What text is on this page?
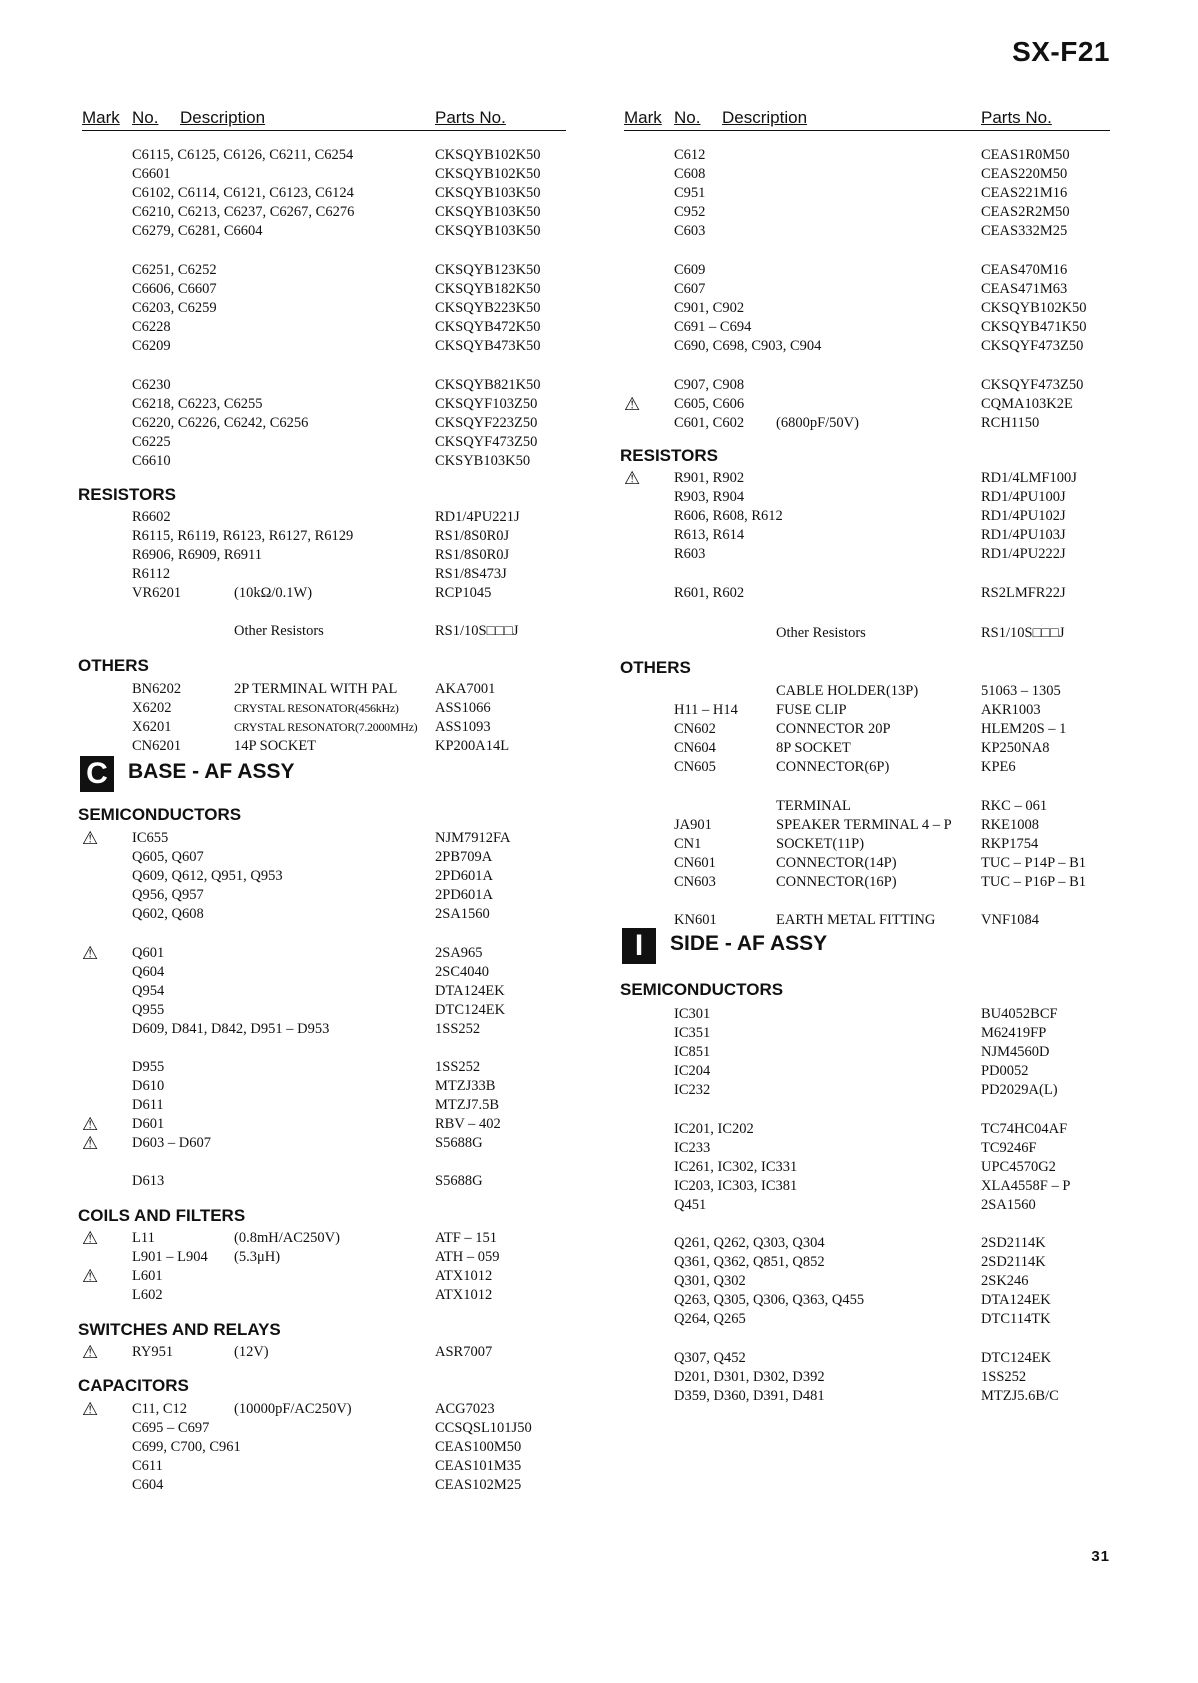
SX-F21
Mark No. Description	Parts No.
C6115, C6125, C6126, C6211, C6254	CKSQYB102K50
C6601	CKSQYB102K50
C6102, C6114, C6121, C6123, C6124	CKSQYB103K50
C6210, C6213, C6237, C6267, C6276	CKSQYB103K50
C6279, C6281, C6604	CKSQYB103K50
C6251, C6252	CKSQYB123K50
C6606, C6607	CKSQYB182K50
C6203, C6259	CKSQYB223K50
C6228	CKSQYB472K50
C6209	CKSQYB473K50
C6230	CKSQYB821K50
C6218, C6223, C6255	CKSQYF103Z50
C6220, C6226, C6242, C6256	CKSQYF223Z50
C6225	CKSQYF473Z50
C6610	CKSYB103K50
RESISTORS
R6602	RD1/4PU221J
R6115, R6119, R6123, R6127, R6129	RS1/8S0R0J
R6906, R6909, R6911	RS1/8S0R0J
R6112	RS1/8S473J
VR6201	(10kΩ/0.1W)	RCP1045
Other Resistors	RS1/10S□□□J
OTHERS
BN6202	2P TERMINAL WITH PAL	AKA7001
X6202	CRYSTAL RESONATOR(456kHz)	ASS1066
X6201	CRYSTAL RESONATOR(7.2000MHz) ASS1093
CN6201	14P SOCKET	KP200A14L
C BASE - AF ASSY
SEMICONDUCTORS
⚠	IC655	NJM7912FA
Q605, Q607	2PB709A
Q609, Q612, Q951, Q953	2PD601A
Q956, Q957	2PD601A
Q602, Q608	2SA1560
⚠	Q601	2SA965
Q604	2SC4040
Q954	DTA124EK
Q955	DTC124EK
D609, D841, D842, D951 – D953	1SS252
D955	1SS252
D610	MTZJ33B
D611	MTZJ7.5B
⚠	D601	RBV – 402
⚠	D603 – D607	S5688G
D613	S5688G
COILS AND FILTERS
⚠	L11	(0.8mH/AC250V)	ATF – 151
L901 – L904 (5.3μH)	ATH – 059
⚠	L601	ATX1012
L602	ATX1012
SWITCHES AND RELAYS
⚠	RY951	(12V)	ASR7007
CAPACITORS
⚠	C11, C12	(10000pF/AC250V)	ACG7023
C695 – C697	CCSQSL101J50
C699, C700, C961	CEAS100M50
C611	CEAS101M35
C604	CEAS102M25
Mark No. Description	Parts No.
C612	CEAS1R0M50
C608	CEAS220M50
C951	CEAS221M16
C952	CEAS2R2M50
C603	CEAS332M25
C609	CEAS470M16
C607	CEAS471M63
C901, C902	CKSQYB102K50
C691 – C694	CKSQYB471K50
C690, C698, C903, C904	CKSQYF473Z50
C907, C908	CKSQYF473Z50
⚠	C605, C606	CQMA103K2E
C601, C602 (6800pF/50V)	RCH1150
RESISTORS
⚠	R901, R902	RD1/4LMF100J
R903, R904	RD1/4PU100J
R606, R608, R612	RD1/4PU102J
R613, R614	RD1/4PU103J
R603	RD1/4PU222J
R601, R602	RS2LMFR22J
Other Resistors	RS1/10S□□□J
OTHERS
CABLE HOLDER(13P)	51063 – 1305
H11 – H14	FUSE CLIP	AKR1003
CN602	CONNECTOR 20P	HLEM20S – 1
CN604	8P SOCKET	KP250NA8
CN605	CONNECTOR(6P)	KPE6
TERMINAL	RKC – 061
JA901	SPEAKER TERMINAL 4 – P RKE1008
CN1	SOCKET(11P)	RKP1754
CN601	CONNECTOR(14P)	TUC – P14P – B1
CN603	CONNECTOR(16P)	TUC – P16P – B1
KN601	EARTH METAL FITTING	VNF1084
I	SIDE - AF ASSY
SEMICONDUCTORS
IC301	BU4052BCF
IC351	M62419FP
IC851	NJM4560D
IC204	PD0052
IC232	PD2029A(L)
IC201, IC202	TC74HC04AF
IC233	TC9246F
IC261, IC302, IC331	UPC4570G2
IC203, IC303, IC381	XLA4558F – P
Q451	2SA1560
Q261, Q262, Q303, Q304	2SD2114K
Q361, Q362, Q851, Q852	2SD2114K
Q301, Q302	2SK246
Q263, Q305, Q306, Q363, Q455	DTA124EK
Q264, Q265	DTC114TK
Q307, Q452	DTC124EK
D201, D301, D302, D392	1SS252
D359, D360, D391, D481	MTZJ5.6B/C
31
